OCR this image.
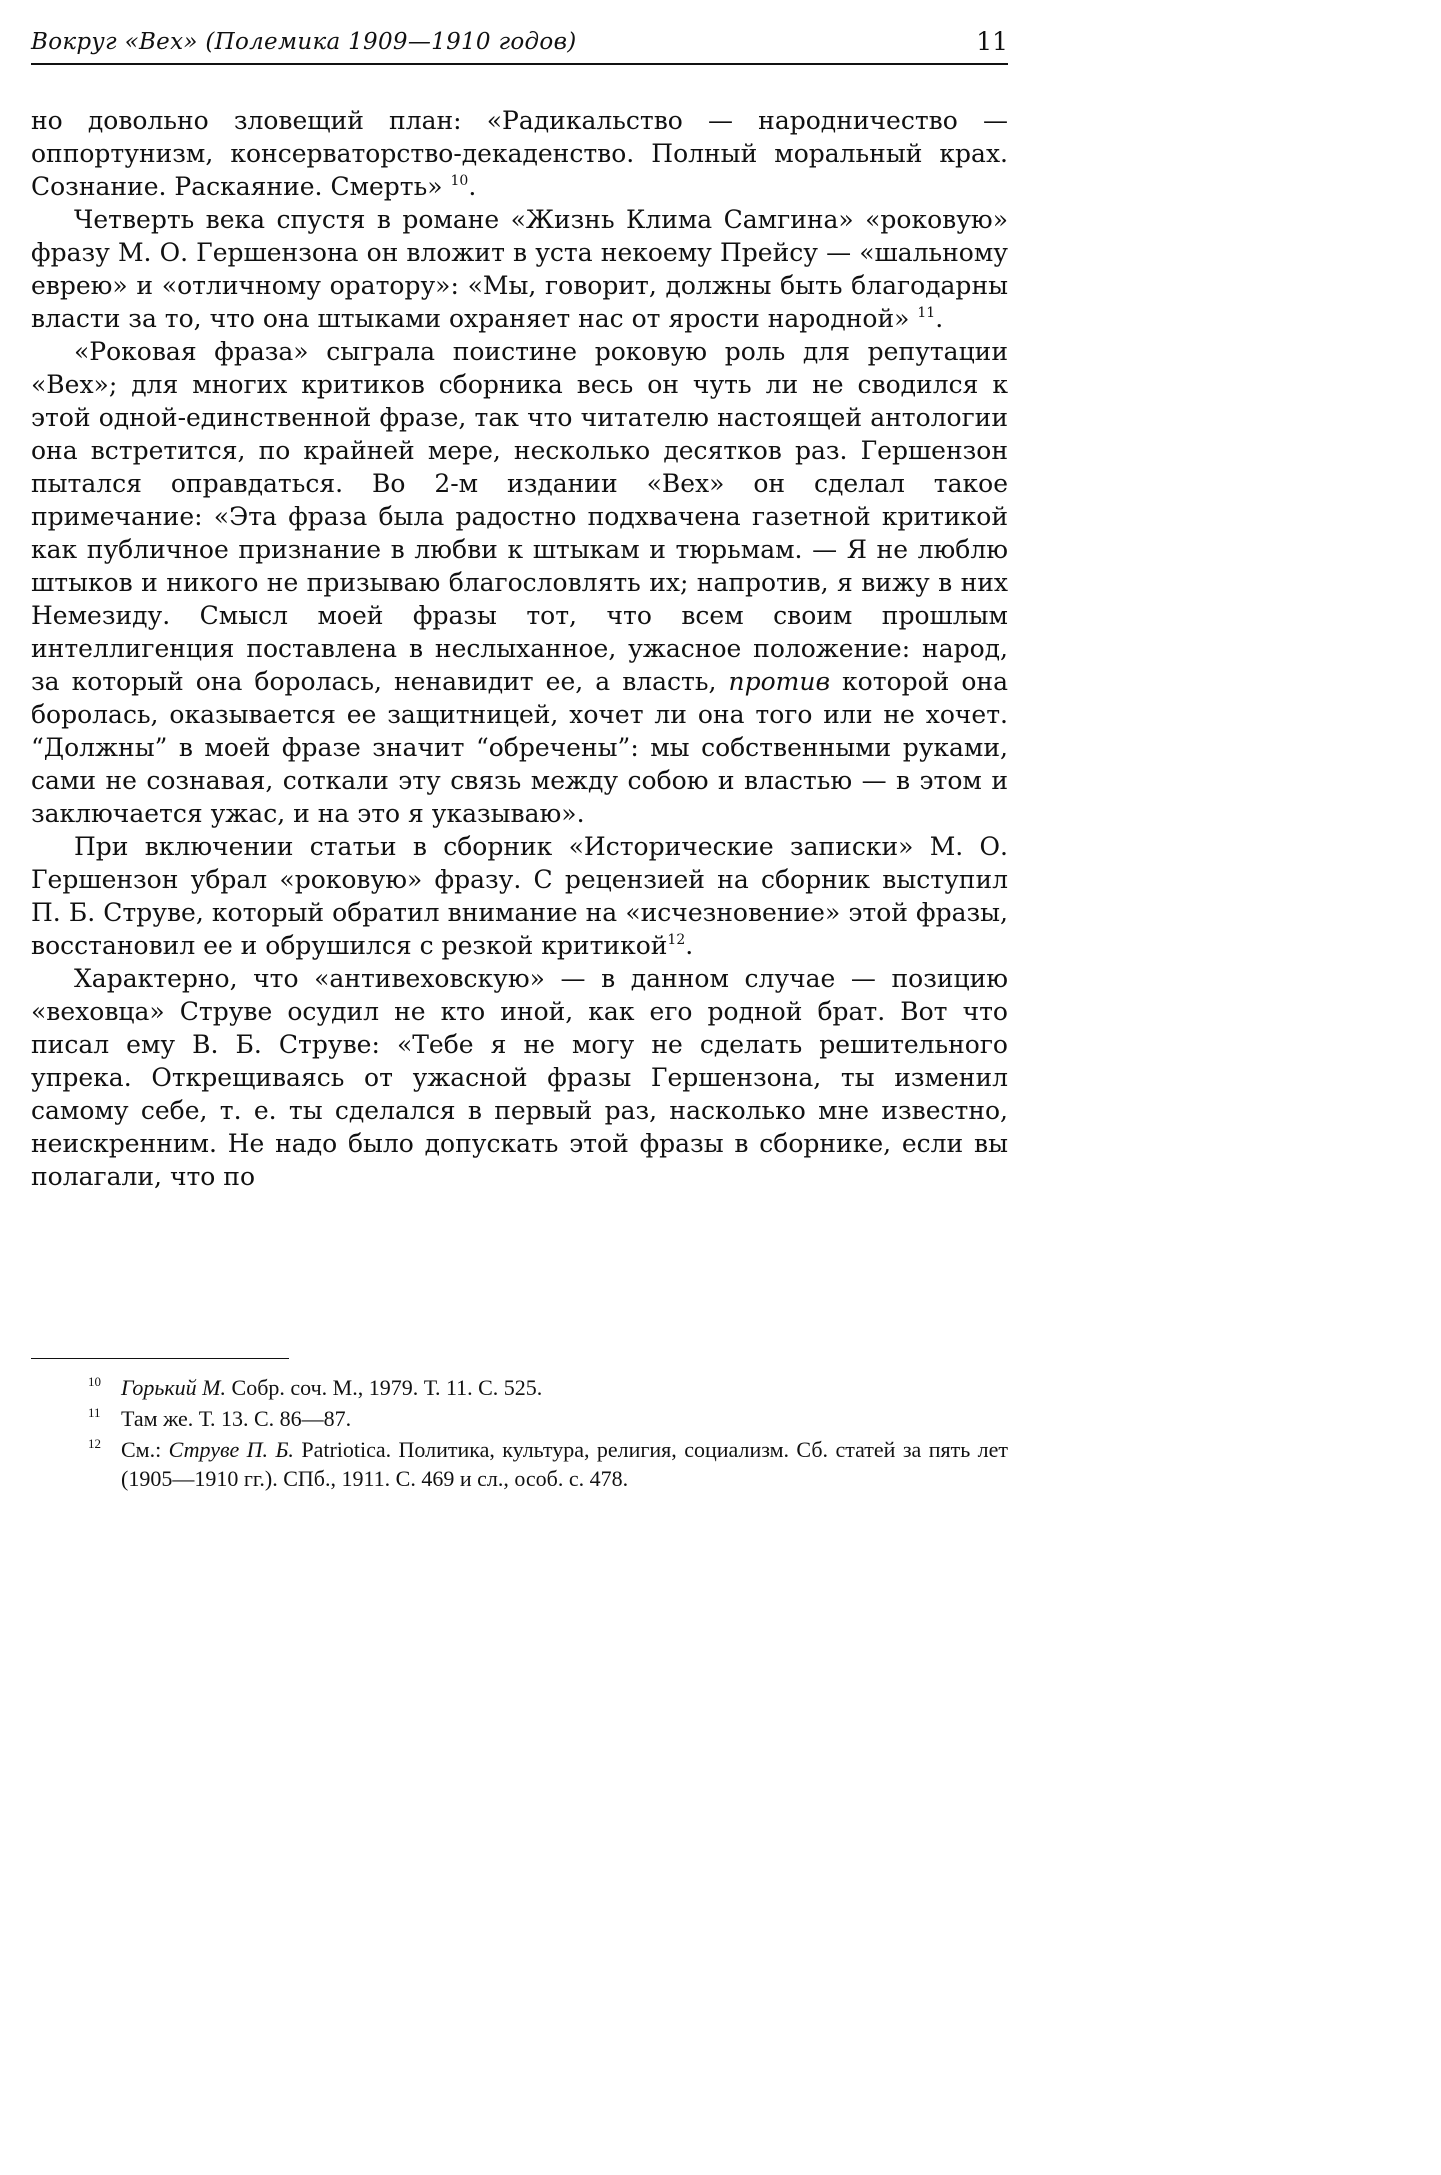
Вокруг «Вех» (Полемика 1909—1910 годов)	11

но довольно зловещий план: «Радикальство — народничество — оппортунизм, консерваторство-декаденство. Полный моральный крах. Сознание. Раскаяние. Смерть» $^{10}$.

Четверть века спустя в романе «Жизнь Клима Самгина» «роковую» фразу М. О. Гершензона он вложит в уста некоему Прейсу — «шальному еврею» и «отличному оратору»: «Мы, говорит, должны быть благодарны власти за то, что она штыками охраняет нас от ярости народной» $^{11}$.

«Роковая фраза» сыграла поистине роковую роль для репутации «Вех»; для многих критиков сборника весь он чуть ли не сводился к этой одной-единственной фразе, так что читателю настоящей антологии она встретится, по крайней мере, несколько десятков раз. Гершензон пытался оправдаться. Во 2-м издании «Вех» он сделал такое примечание: «Эта фраза была радостно подхвачена газетной критикой как публичное признание в любви к штыкам и тюрьмам. — Я не люблю штыков и никого не призываю благословлять их; напротив, я вижу в них Немезиду. Смысл моей фразы тот, что всем своим прошлым интеллигенция поставлена в неслыханное, ужасное положение: народ, за который она боролась, ненавидит ее, а власть, против которой она боролась, оказывается ее защитницей, хочет ли она того или не хочет. “Должны” в моей фразе значит “обречены”: мы собственными руками, сами не сознавая, соткали эту связь между собою и властью — в этом и заключается ужас, и на это я указываю».

При включении статьи в сборник «Исторические записки» М. О. Гершензон убрал «роковую» фразу. С рецензией на сборник выступил П. Б. Струве, который обратил внимание на «исчезновение» этой фразы, восстановил ее и обрушился с резкой критикой$^{12}$.

Характерно, что «антивеховскую» — в данном случае — позицию «веховца» Струве осудил не кто иной, как его родной брат. Вот что писал ему В. Б. Струве: «Тебе я не могу не сделать решительного упрека. Открещиваясь от ужасной фразы Гершензона, ты изменил самому себе, т. е. ты сделался в первый раз, насколько мне известно, неискренним. Не надо было допускать этой фразы в сборнике, если вы полагали, что по

10 Горький М. Собр. соч. М., 1979. Т. 11. С. 525.
11 Там же. Т. 13. С. 86—87.
12 См.: Струве П. Б. Patriotica. Политика, культура, религия, социализм. Сб. статей за пять лет (1905—1910 гг.). СПб., 1911. С. 469 и сл., особ. с. 478.
